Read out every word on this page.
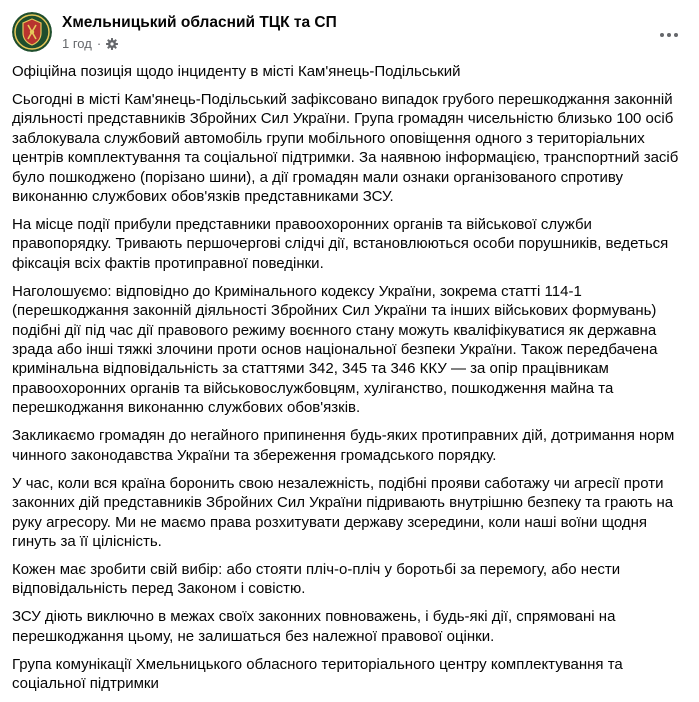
Хмельницький обласний ТЦК та СП
1 год ·

Офіційна позиція щодо інциденту в місті Кам'янець-Подільський

Сьогодні в місті Кам'янець-Подільський зафіксовано випадок грубого перешкоджання законній
діяльності представників Збройних Сил України. Група громадян чисельністю близько 100 осіб
заблокувала службовий автомобіль групи мобільного оповіщення одного з територіальних
центрів комплектування та соціальної підтримки. За наявною інформацією, транспортний засіб
було пошкоджено (порізано шини), а дії громадян мали ознаки організованого спротиву
виконанню службових обов'язків представниками ЗСУ.

На місце події прибули представники правоохоронних органів та військової служби
правопорядку. Тривають першочергові слідчі дії, встановлюються особи порушників, ведеться
фіксація всіх фактів протиправної поведінки.

Наголошуємо: відповідно до Кримінального кодексу України, зокрема статті 114-1
(перешкоджання законній діяльності Збройних Сил України та інших військових формувань)
подібні дії під час дії правового режиму воєнного стану можуть кваліфікуватися як державна
зрада або інші тяжкі злочини проти основ національної безпеки України. Також передбачена
кримінальна відповідальність за статтями 342, 345 та 346 ККУ — за опір працівникам
правоохоронних органів та військовослужбовцям, хуліганство, пошкодження майна та
перешкоджання виконанню службових обов'язків.

Закликаємо громадян до негайного припинення будь-яких протиправних дій, дотримання норм
чинного законодавства України та збереження громадського порядку.

У час, коли вся країна боронить свою незалежність, подібні прояви саботажу чи агресії проти
законних дій представників Збройних Сил України підривають внутрішню безпеку та грають на
руку агресору. Ми не маємо права розхитувати державу зсередини, коли наші воїни щодня
гинуть за її цілісність.

Кожен має зробити свій вибір: або стояти пліч-о-пліч у боротьбі за перемогу, або нести
відповідальність перед Законом і совістю.

ЗСУ діють виключно в межах своїх законних повноважень, і будь-які дії, спрямовані на
перешкоджання цьому, не залишаться без належної правової оцінки.

Група комунікації Хмельницького обласного територіального центру комплектування та
соціальної підтримки
